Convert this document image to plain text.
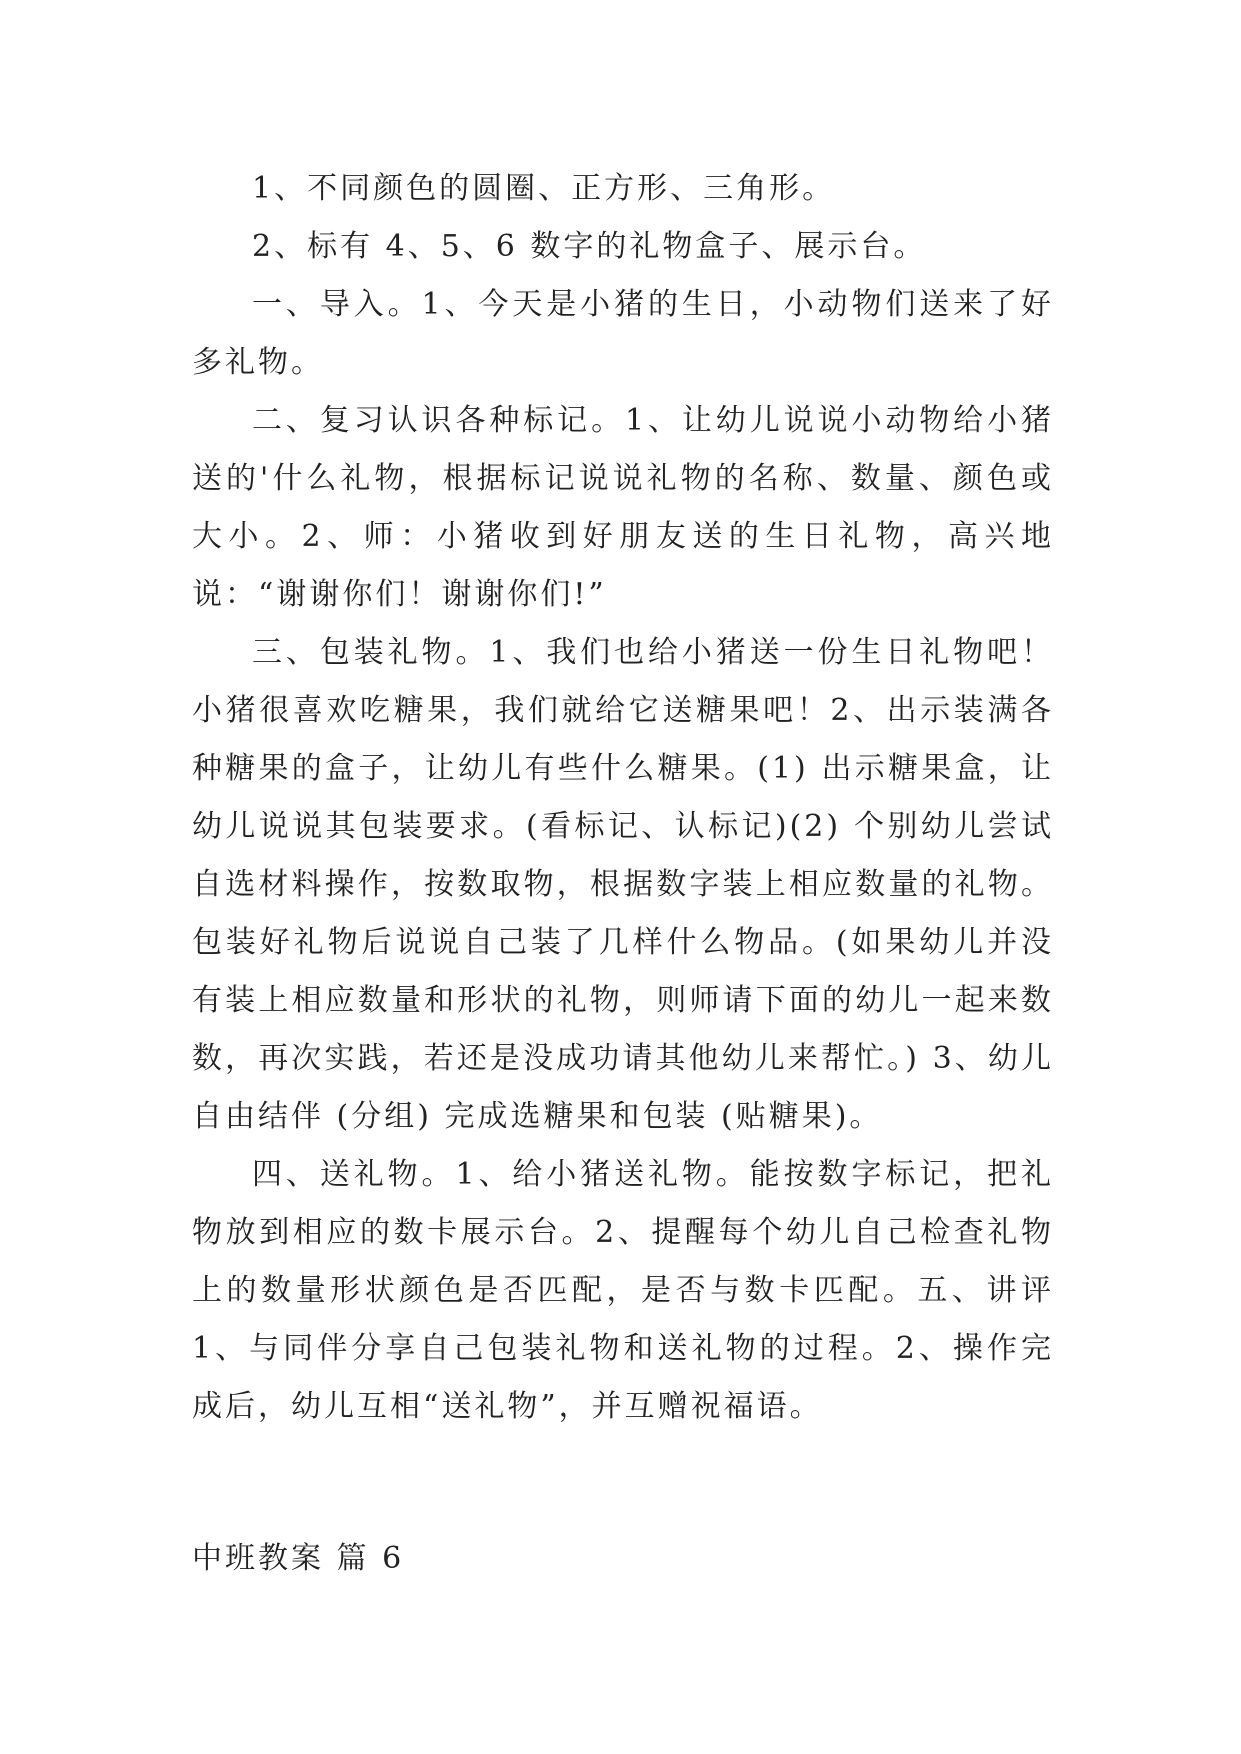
1、不同颜色的圆圈、正方形、三角形。

2、标有 4、5、6 数字的礼物盒子、展示台。

一、导入。1、今天是小猪的生日，小动物们送来了好多礼物。

二、复习认识各种标记。1、让幼儿说说小动物给小猪送的'什么礼物，根据标记说说礼物的名称、数量、颜色或大小。2、师：小猪收到好朋友送的生日礼物，高兴地说：“谢谢你们！谢谢你们!”

三、包装礼物。1、我们也给小猪送一份生日礼物吧！小猪很喜欢吃糖果，我们就给它送糖果吧！2、出示装满各种糖果的盒子，让幼儿有些什么糖果。(1) 出示糖果盒，让幼儿说说其包装要求。(看标记、认标记)(2) 个别幼儿尝试自选材料操作，按数取物，根据数字装上相应数量的礼物。包装好礼物后说说自己装了几样什么物品。(如果幼儿并没有装上相应数量和形状的礼物，则师请下面的幼儿一起来数数，再次实践，若还是没成功请其他幼儿来帮忙。) 3、幼儿自由结伴 (分组) 完成选糖果和包装 (贴糖果)。

四、送礼物。1、给小猪送礼物。能按数字标记，把礼物放到相应的数卡展示台。2、提醒每个幼儿自己检查礼物上的数量形状颜色是否匹配，是否与数卡匹配。五、讲评 1、与同伴分享自己包装礼物和送礼物的过程。2、操作完成后，幼儿互相“送礼物”，并互赠祝福语。

中班教案 篇 6
